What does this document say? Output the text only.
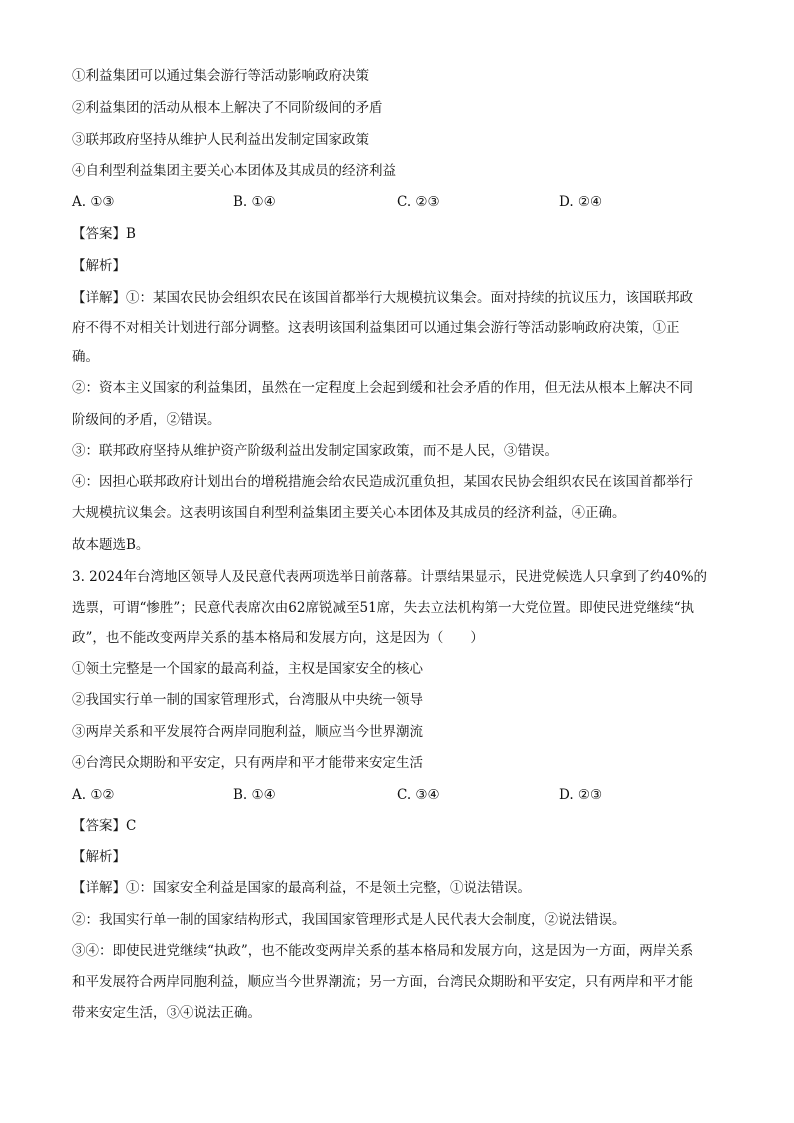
①利益集团可以通过集会游行等活动影响政府决策
②利益集团的活动从根本上解决了不同阶级间的矛盾
③联邦政府坚持从维护人民利益出发制定国家政策
④自利型利益集团主要关心本团体及其成员的经济利益
A. ①③	B. ①④	C. ②③	D. ②④
【答案】B
【解析】
【详解】①：某国农民协会组织农民在该国首都举行大规模抗议集会。面对持续的抗议压力，该国联邦政
府不得不对相关计划进行部分调整。这表明该国利益集团可以通过集会游行等活动影响政府决策，①正
确。
②：资本主义国家的利益集团，虽然在一定程度上会起到缓和社会矛盾的作用，但无法从根本上解决不同
阶级间的矛盾，②错误。
③：联邦政府坚持从维护资产阶级利益出发制定国家政策，而不是人民，③错误。
④：因担心联邦政府计划出台的增税措施会给农民造成沉重负担，某国农民协会组织农民在该国首都举行
大规模抗议集会。这表明该国自利型利益集团主要关心本团体及其成员的经济利益，④正确。
故本题选B。
3. 2024年台湾地区领导人及民意代表两项选举日前落幕。计票结果显示，民进党候选人只拿到了约40%的
选票，可谓“惨胜”；民意代表席次由62席锐减至51席，失去立法机构第一大党位置。即使民进党继续“执
政”，也不能改变两岸关系的基本格局和发展方向，这是因为（　　）
①领土完整是一个国家的最高利益，主权是国家安全的核心
②我国实行单一制的国家管理形式，台湾服从中央统一领导
③两岸关系和平发展符合两岸同胞利益，顺应当今世界潮流
④台湾民众期盼和平安定，只有两岸和平才能带来安定生活
A. ①②	B. ①④	C. ③④	D. ②③
【答案】C
【解析】
【详解】①：国家安全利益是国家的最高利益，不是领土完整，①说法错误。
②：我国实行单一制的国家结构形式，我国国家管理形式是人民代表大会制度，②说法错误。
③④：即使民进党继续“执政”，也不能改变两岸关系的基本格局和发展方向，这是因为一方面，两岸关系
和平发展符合两岸同胞利益，顺应当今世界潮流；另一方面，台湾民众期盼和平安定，只有两岸和平才能
带来安定生活，③④说法正确。
